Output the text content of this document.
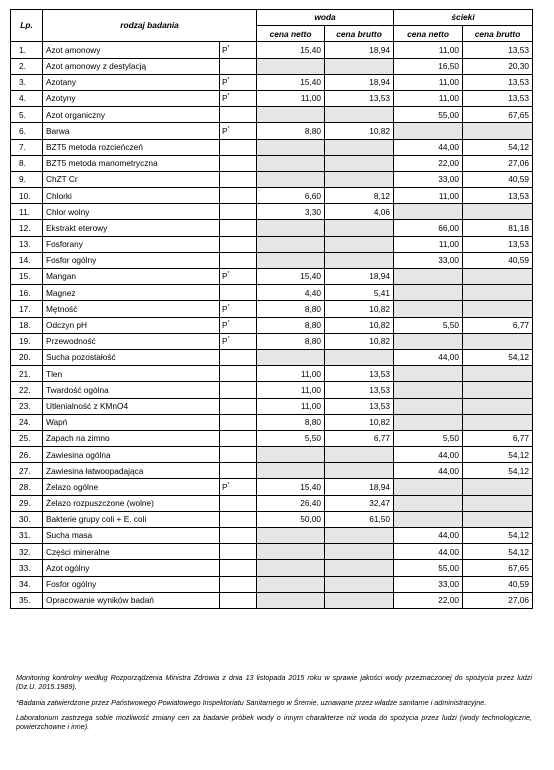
Lp.	rodzaj badania		woda		ścieki	
			cena netto	cena brutto	cena netto	cena brutto
1.	Azot amonowy	P*	15,40	18,94	11,00	13,53
2.	Azot amonowy z destylacją				16,50	20,30
3.	Azotany	P*	15,40	18,94	11,00	13,53
4.	Azotyny	P*	11,00	13,53	11,00	13,53
5.	Azot organiczny				55,00	67,65
6.	Barwa	P*	8,80	10,82		
7.	BZT5 metoda rozcieńczeń				44,00	54,12
8.	BZT5 metoda manometryczna				22,00	27,06
9.	ChZT Cr				33,00	40,59
10.	Chlorki		6,60	8,12	11,00	13,53
11.	Chlor wolny		3,30	4,06		
12.	Ekstrakt eterowy				66,00	81,18
13.	Fosforany				11,00	13,53
14.	Fosfor ogólny				33,00	40,59
15.	Mangan	P*	15,40	18,94		
16.	Magnez		4,40	5,41		
17.	Mętność	P*	8,80	10,82		
18.	Odczyn pH	P*	8,80	10,82	5,50	6,77
19.	Przewodność	P*	8,80	10,82		
20.	Sucha pozostałość				44,00	54,12
21.	Tlen		11,00	13,53		
22.	Twardość ogólna		11,00	13,53		
23.	Utlenialność z KMnO4		11,00	13,53		
24.	Wapń		8,80	10,82		
25.	Zapach na zimno		5,50	6,77	5,50	6,77
26.	Zawiesina ogólna				44,00	54,12
27.	Zawiesina łatwoopadająca				44,00	54,12
28.	Żelazo ogólne	P*	15,40	18,94		
29.	Żelazo rozpuszczone (wolne)		26,40	32,47		
30.	Bakterie grupy coli + E. coli		50,00	61,50		
31.	Sucha masa				44,00	54,12
32.	Części mineralne				44,00	54,12
33.	Azot ogólny				55,00	67,65
34.	Fosfor ogólny				33,00	40,59
35.	Opracowanie wyników badań				22,00	27,06

Monitoring kontrolny według Rozporządzenia Ministra Zdrowia z dnia 13 listopada 2015 roku w sprawie jakości wody przeznaczonej do spożycia przez ludzi (Dz.U. 2015.1989).

*Badania zatwierdzone przez Państwowego Powiatowego Inspektoriatu Sanitarnego w Śremie, uznawane przez władze sanitarne i administracyjne.

Laboratorium zastrzega sobie możliwość zmiany cen za badanie próbek wody o innym charakterze niż woda do spożycia przez ludzi (wody technologiczne, powierzchowne i inne).
